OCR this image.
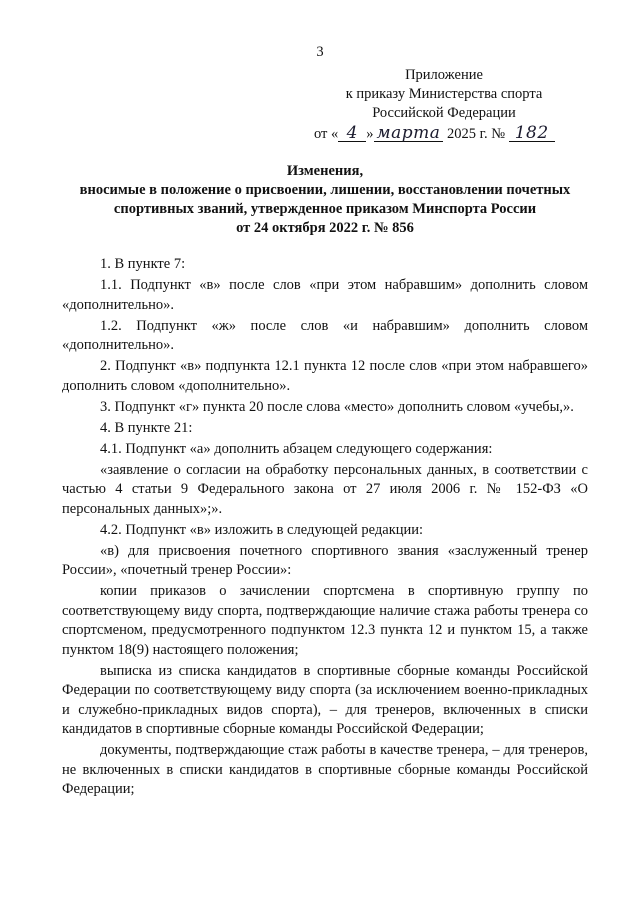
3
Приложение
к приказу Министерства спорта
Российской Федерации
от « 4 » марта 2025 г. № 182
Изменения,
вносимые в положение о присвоении, лишении, восстановлении почетных
спортивных званий, утвержденное приказом Минспорта России
от 24 октября 2022 г. № 856

1. В пункте 7:

1.1. Подпункт «в» после слов «при этом набравшим» дополнить словом «дополнительно».

1.2. Подпункт «ж» после слов «и набравшим» дополнить словом «дополнительно».

2. Подпункт «в» подпункта 12.1 пункта 12 после слов «при этом набравшего» дополнить словом «дополнительно».

3. Подпункт «г» пункта 20 после слова «место» дополнить словом «учебы,».

4. В пункте 21:

4.1. Подпункт «а» дополнить абзацем следующего содержания:

«заявление о согласии на обработку персональных данных, в соответствии с частью 4 статьи 9 Федерального закона от 27 июля 2006 г. № 152-ФЗ «О персональных данных»;».

4.2. Подпункт «в» изложить в следующей редакции:

«в) для присвоения почетного спортивного звания «заслуженный тренер России», «почетный тренер России»:

копии приказов о зачислении спортсмена в спортивную группу по соответствующему виду спорта, подтверждающие наличие стажа работы тренера со спортсменом, предусмотренного подпунктом 12.3 пункта 12 и пунктом 15, а также пунктом 18(9) настоящего положения;

выписка из списка кандидатов в спортивные сборные команды Российской Федерации по соответствующему виду спорта (за исключением военно-прикладных и служебно-прикладных видов спорта), – для тренеров, включенных в списки кандидатов в спортивные сборные команды Российской Федерации;

документы, подтверждающие стаж работы в качестве тренера, – для тренеров, не включенных в списки кандидатов в спортивные сборные команды Российской Федерации;
